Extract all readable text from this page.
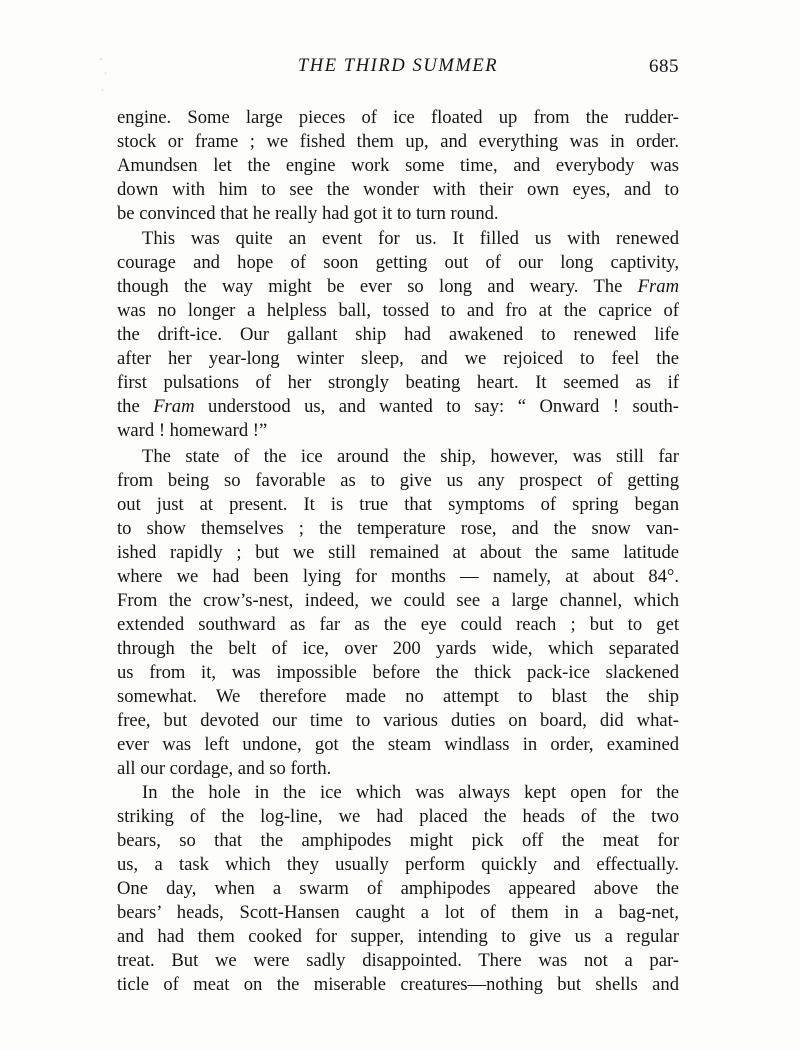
THE THIRD SUMMER	685
engine. Some large pieces of ice floated up from the rudder-
stock or frame ; we fished them up, and everything was in order.
Amundsen let the engine work some time, and everybody was
down with him to see the wonder with their own eyes, and to
be convinced that he really had got it to turn round.
This was quite an event for us. It filled us with renewed
courage and hope of soon getting out of our long captivity,
though the way might be ever so long and weary. The Fram
was no longer a helpless ball, tossed to and fro at the caprice of
the drift-ice. Our gallant ship had awakened to renewed life
after her year-long winter sleep, and we rejoiced to feel the
first pulsations of her strongly beating heart. It seemed as if
the Fram understood us, and wanted to say: “ Onward ! south-
ward ! homeward !”
The state of the ice around the ship, however, was still far
from being so favorable as to give us any prospect of getting
out just at present. It is true that symptoms of spring began
to show themselves ; the temperature rose, and the snow van-
ished rapidly ; but we still remained at about the same latitude
where we had been lying for months — namely, at about 84°.
From the crow’s-nest, indeed, we could see a large channel, which
extended southward as far as the eye could reach ; but to get
through the belt of ice, over 200 yards wide, which separated
us from it, was impossible before the thick pack-ice slackened
somewhat. We therefore made no attempt to blast the ship
free, but devoted our time to various duties on board, did what-
ever was left undone, got the steam windlass in order, examined
all our cordage, and so forth.
In the hole in the ice which was always kept open for the
striking of the log-line, we had placed the heads of the two
bears, so that the amphipodes might pick off the meat for
us, a task which they usually perform quickly and effectually.
One day, when a swarm of amphipodes appeared above the
bears’ heads, Scott-Hansen caught a lot of them in a bag-net,
and had them cooked for supper, intending to give us a regular
treat. But we were sadly disappointed. There was not a par-
ticle of meat on the miserable creatures—nothing but shells and
